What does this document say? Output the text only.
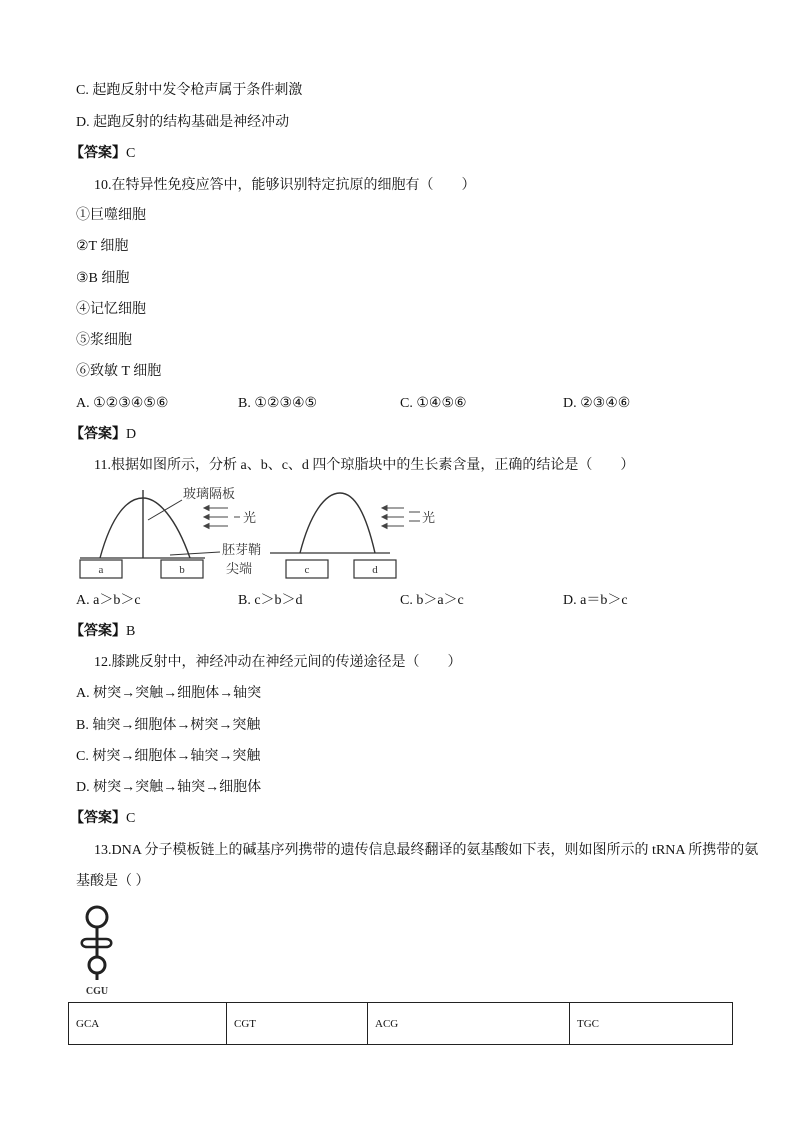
C. 起跑反射中发令枪声属于条件刺激
D. 起跑反射的结构基础是神经冲动
【答案】C
10.在特异性免疫应答中，能够识别特定抗原的细胞有（　　）
①巨噬细胞
②T 细胞
③B 细胞
④记忆细胞
⑤浆细胞
⑥致敏 T 细胞
A. ①②③④⑤⑥	B. ①②③④⑤	C. ①④⑤⑥	D. ②③④⑥
【答案】D
11.根据如图所示，分析 a、b、c、d 四个琼脂块中的生长素含量，正确的结论是（　　）
a	b
玻璃隔板
光
胚芽鞘
尖端	c	d
光
A. a＞b＞c	B. c＞b＞d	C. b＞a＞c	D. a＝b＞c
【答案】B
12.膝跳反射中，神经冲动在神经元间的传递途径是（　　）
A. 树突→突触→细胞体→轴突
B. 轴突→细胞体→树突→突触
C. 树突→细胞体→轴突→突触
D. 树突→突触→轴突→细胞体
【答案】C
13.DNA 分子模板链上的碱基序列携带的遗传信息最终翻译的氨基酸如下表，则如图所示的 tRNA 所携带的氨
基酸是（ ）
CGU
GCA	CGT	ACG	TGC
